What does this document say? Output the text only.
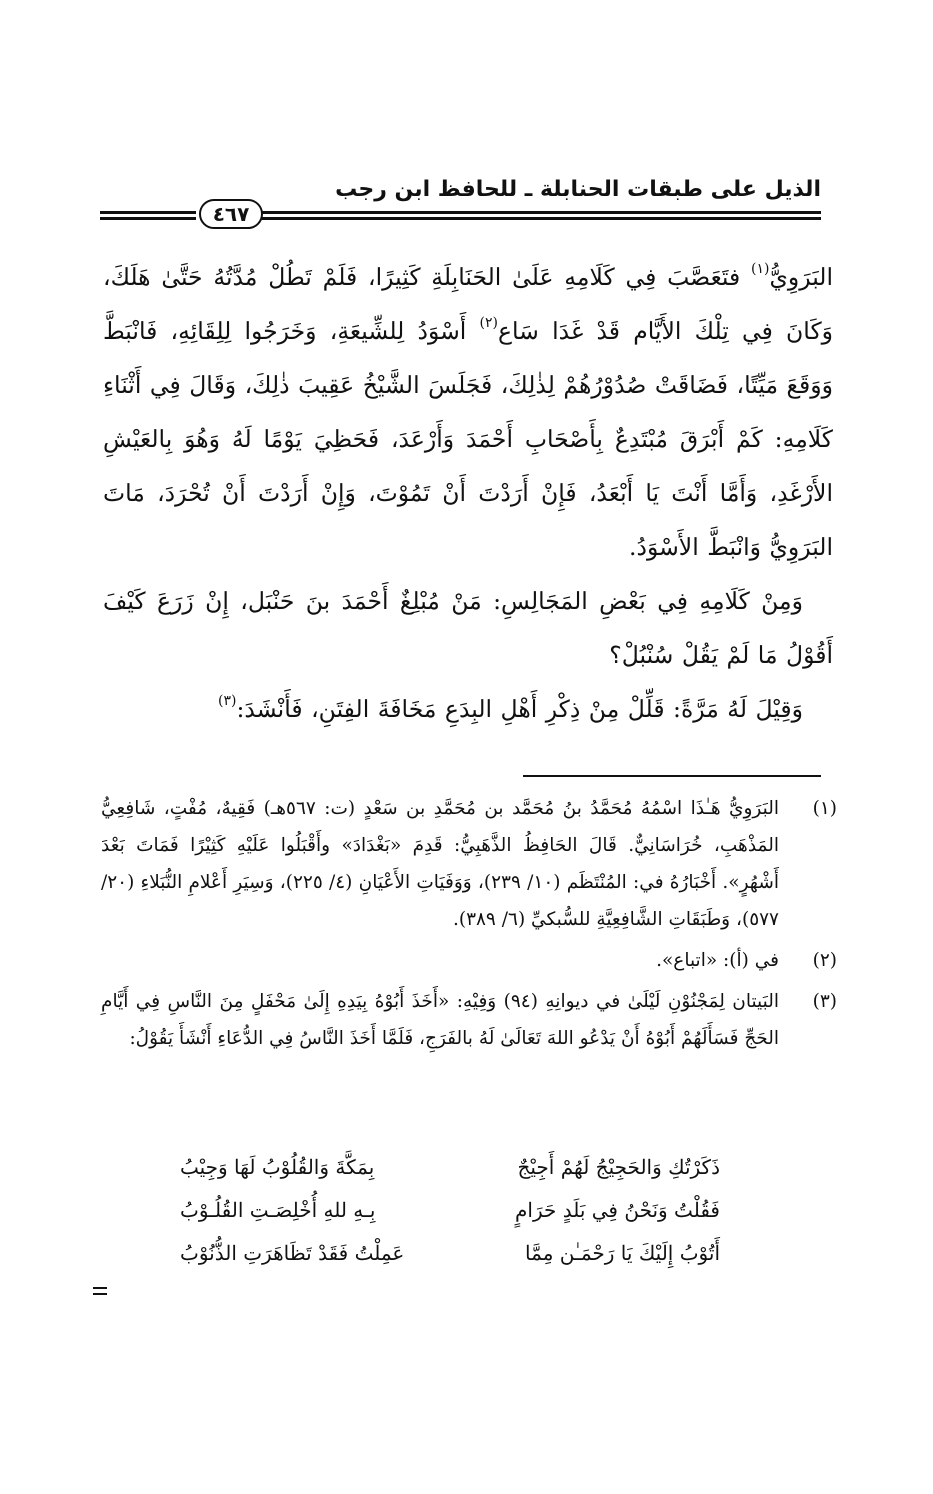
الذيل على طبقات الحنابلة ـ للحافظ ابن رجب
٤٦٧

البَرَوِيُّ$^{(١)}$ فتَعَصَّبَ فِي كَلَامِهِ عَلَىٰ الحَنَابِلَةِ كَثِيرًا، فَلَمْ تَطُلْ مُدَّتُهُ حَتَّىٰ هَلَكَ، وَكَانَ فِي تِلْكَ الأَيَّام قَدْ غَدَا سَاع$^{(٢)}$ أَسْوَدُ لِلشِّيعَةِ، وَخَرَجُوا لِلِقَائِهِ، فَانْبَطَّ وَوَقَعَ مَيِّتًا، فَضَاقَتْ صُدُوْرُهُمْ لِذٰلِكَ، فَجَلَسَ الشَّيْخُ عَقِيبَ ذٰلِكَ، وَقَالَ فِي أَثْنَاءِ كَلَامِهِ: كَمْ أَبْرَقَ مُبْتَدِعٌ بِأَصْحَابِ أَحْمَدَ وَأَرْعَدَ، فَحَظِيَ يَوْمًا لَهُ وَهُوَ بِالعَيْشِ الأَرْغَدِ، وَأَمَّا أَنْتَ يَا أَبْعَدُ، فَإِنْ أَرَدْتَ أَنْ تَمُوْتَ، وَإِنْ أَرَدْتَ أَنْ تُحْرَدَ، مَاتَ البَرَوِيُّ وَانْبَطَّ الأَسْوَدُ.

وَمِنْ كَلَامِهِ فِي بَعْضِ المَجَالِسِ: مَنْ مُبْلِغٌ أَحْمَدَ بنَ حَنْبَل، إِنْ زَرَعَ كَيْفَ أَقُوْلُ مَا لَمْ يَقُلْ سُنْبُلْ؟

وَقِيْلَ لَهُ مَرَّةً: قَلِّلْ مِنْ ذِكْرِ أَهْلِ البِدَعِ مَخَافَةَ الفِتَنِ، فَأَنْشَدَ:$^{(٣)}$

(١)
البَرَوِيُّ هَـٰذَا اسْمُهُ مُحَمَّدُ بنُ مُحَمَّد بن مُحَمَّدِ بن سَعْدٍ (ت: ٥٦٧هـ) فَقِيهٌ، مُفْتٍ، شَافِعِيُّ المَذْهَبِ، خُرَاسَانِيٌّ. قَالَ الحَافِظُ الذَّهَبِيُّ: قَدِمَ «بَغْدَادَ» وأَقْبَلُوا عَلَيْهِ كَثِيْرًا فَمَاتَ بَعْدَ أَشْهُرٍ». أَخْبَارُهُ في: المُنْتَظَم (١٠/ ٢٣٩)، وَوَفَيَاتِ الأَعْيَانِ (٤/ ٢٢٥)، وَسِيَرِ أَعْلامِ النُّبَلاءِ (٢٠/ ٥٧٧)، وَطَبَقَاتِ الشَّافِعِيَّةِ للسُّبكيِّ (٦/ ٣٨٩).
(٢)
في (أ): «اتباع».
(٣)
البَيتان لِمَجْنُوْنِ لَيْلَىٰ في ديوانِهِ (٩٤) وَفِيْهِ: «أَخَذَ أَبُوْهُ بِيَدِهِ إِلَىٰ مَحْفَلٍ مِنَ النَّاسِ فِي أَيَّامِ الحَجِّ فَسَأَلَهُمْ أَبُوْهُ أَنْ يَدْعُو اللهَ تَعَالَىٰ لَهُ بالفَرَجِ، فَلَمَّا أَخَذَ النَّاسُ فِي الدُّعَاءِ أَنْشَأَ يَقُوْلُ:
ذَكَرْتُكِ وَالحَجِيْجُ لَهُمْ أَجِيْجٌ
بِمَكَّةَ وَالقُلُوْبُ لَهَا وَجِيْبُ
فَقُلْتُ وَنَحْنُ فِي بَلَدٍ حَرَامٍ
بِـهِ للهِ أُخْلِصَـتِ القُلُـوْبُ
أَتُوْبُ إِلَيْكَ يَا رَحْمَـٰن مِمَّا
عَمِلْتُ فَقَدْ تَظَاهَرَتِ الذُّنُوْبُ
